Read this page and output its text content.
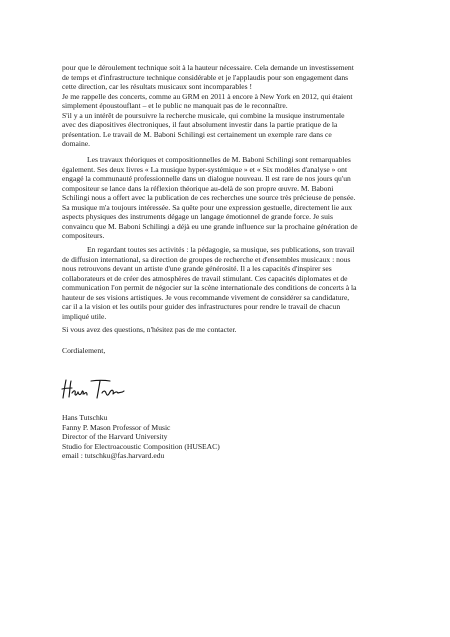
pour que le déroulement technique soit à la hauteur nécessaire. Cela demande un investissement
de temps et d'infrastructure technique considérable et je l'applaudis pour son engagement dans
cette direction, car les résultats musicaux sont incomparables !
Je me rappelle des concerts, comme au GRM en 2011 à encore à New York en 2012, qui étaient
simplement époustouflant – et le public ne manquait pas de le reconnaître.
S'il y a un intérêt de poursuivre la recherche musicale, qui combine la musique instrumentale
avec des diapositives électroniques, il faut absolument investir dans la partie pratique de la
présentation. Le travail de M. Baboni Schilingi est certainement un exemple rare dans ce
domaine.
Les travaux théoriques et compositionnelles de M. Baboni Schilingi sont remarquables
également. Ses deux livres « La musique hyper-systémique » et « Six modèles d'analyse » ont
engagé la communauté professionnelle dans un dialogue nouveau. Il est rare de nos jours qu'un
compositeur se lance dans la réflexion théorique au-delà de son propre œuvre. M. Baboni
Schilingi nous a offert avec la publication de ces recherches une source très précieuse de pensée.
Sa musique m'a toujours intéressée. Sa quête pour une expression gestuelle, directement lie aux
aspects physiques des instruments dégage un langage émotionnel de grande force. Je suis
convaincu que M. Baboni Schilingi a déjà eu une grande influence sur la prochaine génération de
compositeurs.
En regardant toutes ses activités : la pédagogie, sa musique, ses publications, son travail
de diffusion international, sa direction de groupes de recherche et d'ensembles musicaux : nous
nous retrouvons devant un artiste d'une grande générosité. Il a les capacités d'inspirer ses
collaborateurs et de créer des atmosphères de travail stimulant. Ces capacités diplomates et de
communication l'on permit de négocier sur la scène internationale des conditions de concerts à la
hauteur de ses visions artistiques. Je vous recommande vivement de considérer sa candidature,
car il a la vision et les outils pour guider des infrastructures pour rendre le travail de chacun
impliqué utile.
Si vous avez des questions, n'hésitez pas de me contacter.
Cordialement,
Hans Tutschku
Fanny P. Mason Professor of Music
Director of the Harvard University
Studio for Electroacoustic Composition (HUSEAC)
email : tutschku@fas.harvard.edu
